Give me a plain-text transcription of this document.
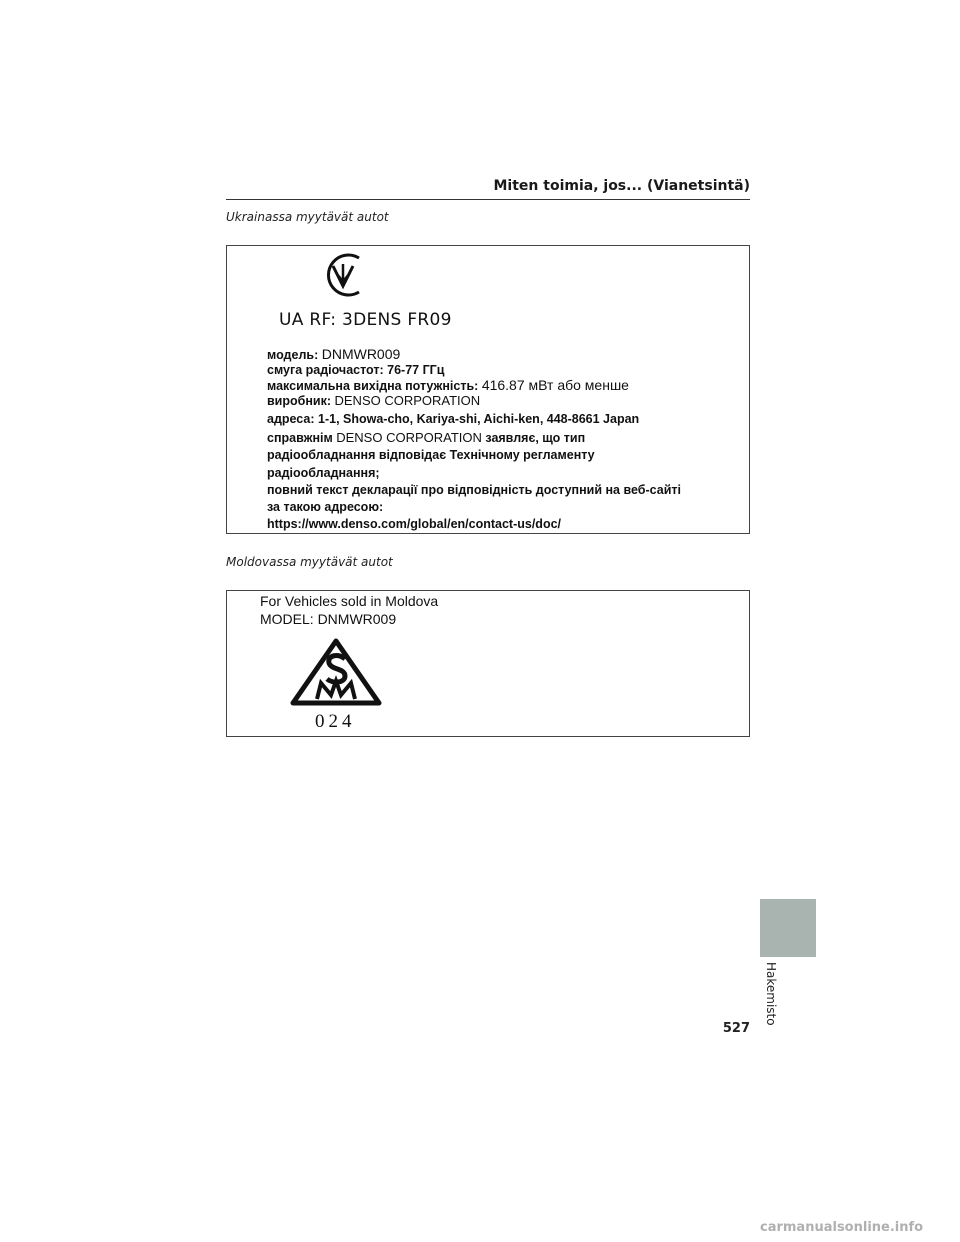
Miten toimia, jos... (Vianetsintä)
Ukrainassa myytävät autot
UA RF: 3DENS FR09
модель: DNMWR009
смуга радіочастот: 76-77 ГГц
максимальна вихідна потужність: 416.87 мВт або менше
виробник: DENSO CORPORATION
адреса: 1-1, Showa-cho, Kariya-shi, Aichi-ken, 448-8661 Japan
справжнім DENSO CORPORATION заявляє, що тип
радіообладнання відповідає Технічному регламенту
радіообладнання;
повний текст декларації про відповідність доступний на веб-сайті
за такою адресою:
https://www.denso.com/global/en/contact-us/doc/
Moldovassa myytävät autot
For Vehicles sold in Moldova
MODEL: DNMWR009
024
Hakemisto
527
carmanualsonline.info
